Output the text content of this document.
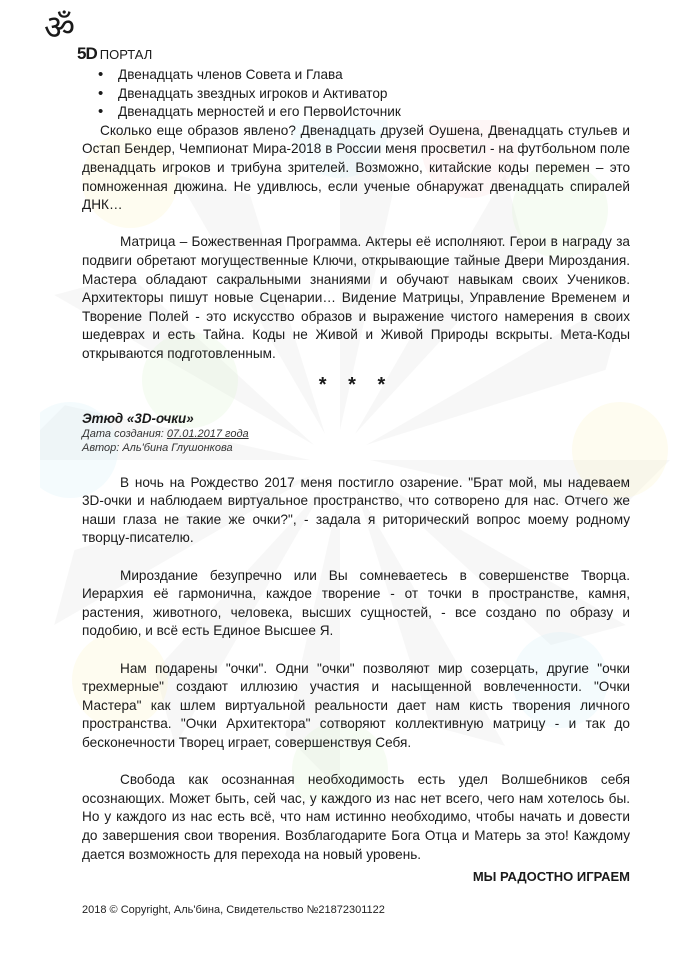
ॐ
5D ПОРТАЛ
• Двенадцать членов Совета и Глава
• Двенадцать звездных игроков и Активатор
• Двенадцать мерностей и его ПервоИсточник

Сколько еще образов явлено? Двенадцать друзей Оушена, Двенадцать стульев и Остап Бендер, Чемпионат Мира-2018 в России меня просветил - на футбольном поле двенадцать игроков и трибуна зрителей. Возможно, китайские коды перемен – это помноженная дюжина. Не удивлюсь, если ученые обнаружат двенадцать спиралей ДНК…

Матрица – Божественная Программа. Актеры её исполняют. Герои в награду за подвиги обретают могущественные Ключи, открывающие тайные Двери Мироздания. Мастера обладают сакральными знаниями и обучают навыкам своих Учеников. Архитекторы пишут новые Сценарии… Видение Матрицы, Управление Временем и Творение Полей - это искусство образов и выражение чистого намерения в своих шедеврах и есть Тайна. Коды не Живой и Живой Природы вскрыты. Мета-Коды открываются подготовленным.

* * *
Этюд «3D-очки»
Дата создания: 07.01.2017 года
Автор: Аль'бина Глушонкова

В ночь на Рождество 2017 меня постигло озарение. "Брат мой, мы надеваем 3D-очки и наблюдаем виртуальное пространство, что сотворено для нас. Отчего же наши глаза не такие же очки?", - задала я риторический вопрос моему родному творцу-писателю.

Мироздание безупречно или Вы сомневаетесь в совершенстве Творца. Иерархия её гармонична, каждое творение - от точки в пространстве, камня, растения, животного, человека, высших сущностей, - все создано по образу и подобию, и всё есть Единое Высшее Я.

Нам подарены "очки". Одни "очки" позволяют мир созерцать, другие "очки трехмерные" создают иллюзию участия и насыщенной вовлеченности. "Очки Мастера" как шлем виртуальной реальности дает нам кисть творения личного пространства. "Очки Архитектора" сотворяют коллективную матрицу - и так до бесконечности Творец играет, совершенствуя Себя.

Свобода как осознанная необходимость есть удел Волшебников себя осознающих. Может быть, сей час, у каждого из нас нет всего, чего нам хотелось бы. Но у каждого из нас есть всё, что нам истинно необходимо, чтобы начать и довести до завершения свои творения. Возблагодарите Бога Отца и Матерь за это! Каждому дается возможность для перехода на новый уровень.

МЫ РАДОСТНО ИГРАЕМ
2018 © Copyright, Аль'бина, Свидетельство №21872301122
